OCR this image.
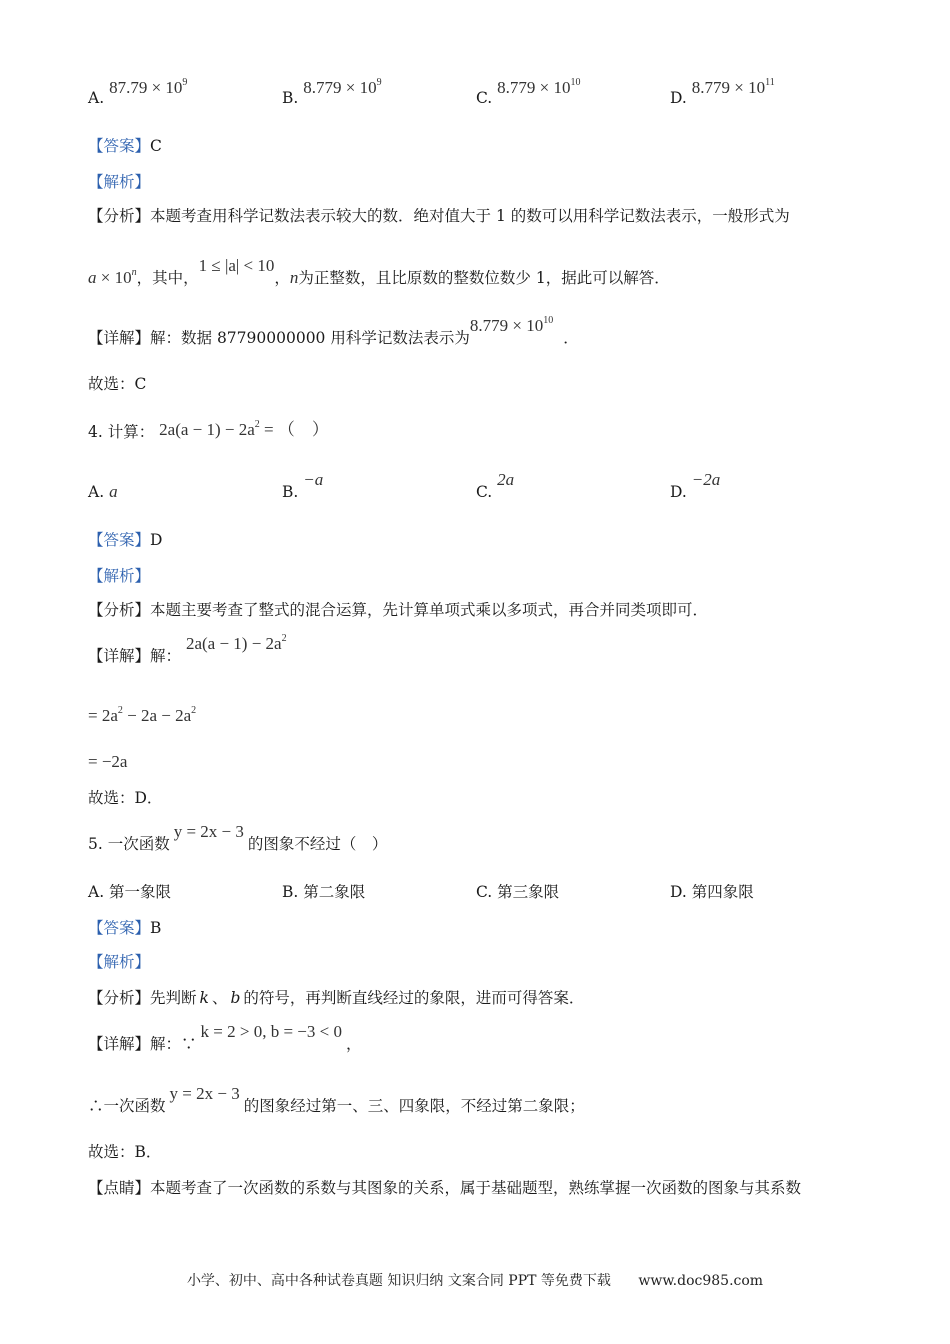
A. $87.79 \times 10^9$
B. $8.779 \times 10^9$
C. $8.779 \times 10^{10}$
D. $8.779 \times 10^{11}$
【答案】C
【解析】
【分析】本题考查用科学记数法表示较大的数．绝对值大于 1 的数可以用科学记数法表示，一般形式为
$a \times 10^n$，其中，1 ≤ |a| < 10，n为正整数，且比原数的整数位数少 1，据此可以解答．
【详解】解：数据 87790000000 用科学记数法表示为$8.779 \times 10^{10}$．
故选：C
4. 计算： $2a(a - 1) - 2a^2$ = （　）
A. a	B. −a
C. 2a
D. −2a
【答案】D
【解析】
【分析】本题主要考查了整式的混合运算，先计算单项式乘以多项式，再合并同类项即可．
【详解】解： $2a(a - 1) - 2a^2$
= $2a^2 - 2a - 2a^2$
= −2a
故选：D．
5. 一次函数y = 2x − 3的图象不经过（　）
A. 第一象限	B. 第二象限	C. 第三象限	D. 第四象限
【答案】B
【解析】
【分析】先判断 k 、 b 的符号，再判断直线经过的象限，进而可得答案．
【详解】解：∵k = 2 > 0, b = −3 < 0，
∴一次函数y = 2x − 3的图象经过第一、三、四象限，不经过第二象限；
故选：B．
【点睛】本题考查了一次函数的系数与其图象的关系，属于基础题型，熟练掌握一次函数的图象与其系数
小学、初中、高中各种试卷真题 知识归纳 文案合同 PPT 等免费下载 www.doc985.com
